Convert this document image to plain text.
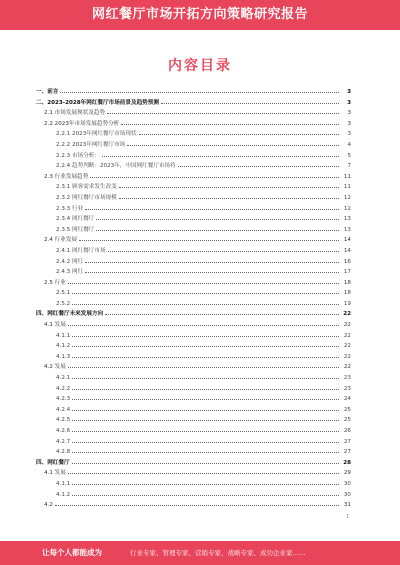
网红餐厅市场开拓方向策略研究报告
内容目录
一、前言	3
二、2023-2028年网红餐厅市场前景及趋势预测	3
2.1 市场发展现状及趋势	3
2.2 2023年市场发展趋势分析	3
2.2.1 2023年网红餐厅市场现状	3
2.2.2 2023年网红餐厅市场	4
2.2.3 市场分析：	5
2.2.4 趋势判断：2023年，中国网红餐厅市场将	7
2.3 行业发展趋势	11
2.3.1 顾客需求发生改变	11
2.3.2 网红餐厅市场规模	12
2.3.3 行业	12
2.3.4 网红餐厅	13
2.3.5 网红餐厅	13
2.4 行业发展	14
2.4.1 网红餐厅市场	14
2.4.2 网红	16
2.4.3 网红	17
2.5 行业	18
2.5.1	18
2.5.2	19
四、网红餐厅未来发展方向	22
4.1 发展	22
4.1.1	22
4.1.2	22
4.1.3	22
4.2 发展	22
4.2.1	23
4.2.2	23
4.2.3	24
4.2.4	25
4.2.5	25
4.2.6	26
4.2.7	27
4.2.8	27
四、网红餐厅	28
4.1 发展	29
4.1.1	30
4.1.2	30
4.2	31
1
让每个人都能成为	行业专家、管理专家、营销专家、战略专家、成功企业家……
